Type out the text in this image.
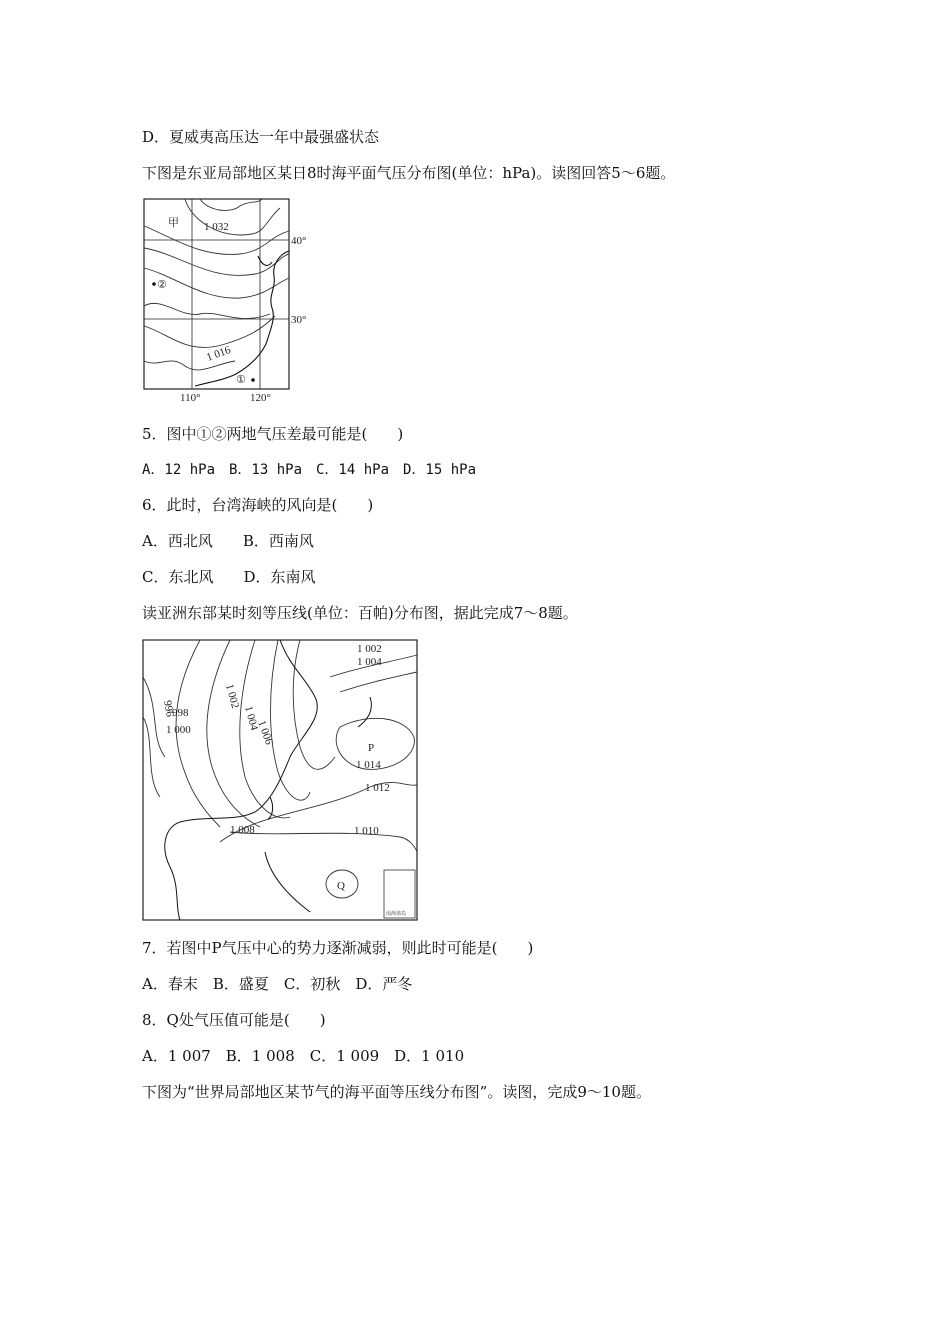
D．夏威夷高压达一年中最强盛状态
下图是东亚局部地区某日8时海平面气压分布图(单位：hPa)。读图回答5～6题。
甲 1 032
1 016
②
①
40°
30°
110°	120°
5．图中①②两地气压差最可能是(　　)
A．12 hPa　B．13 hPa　C．14 hPa　D．15 hPa
6．此时，台湾海峡的风向是(　　)
A．西北风　　B．西南风
C．东北风　　D．东南风
读亚洲东部某时刻等压线(单位：百帕)分布图，据此完成7～8题。
1 002
1 004
996
998
1 000
1 002
1 004
1 006
P
1 014
1 012
1 008	1 010
Q
南海诸岛
7．若图中P气压中心的势力逐渐减弱，则此时可能是(　　)
A．春末　B．盛夏　C．初秋　D．严冬
8．Q处气压值可能是(　　)
A．1 007　B．1 008　C．1 009　D．1 010
下图为“世界局部地区某节气的海平面等压线分布图”。读图，完成9～10题。
